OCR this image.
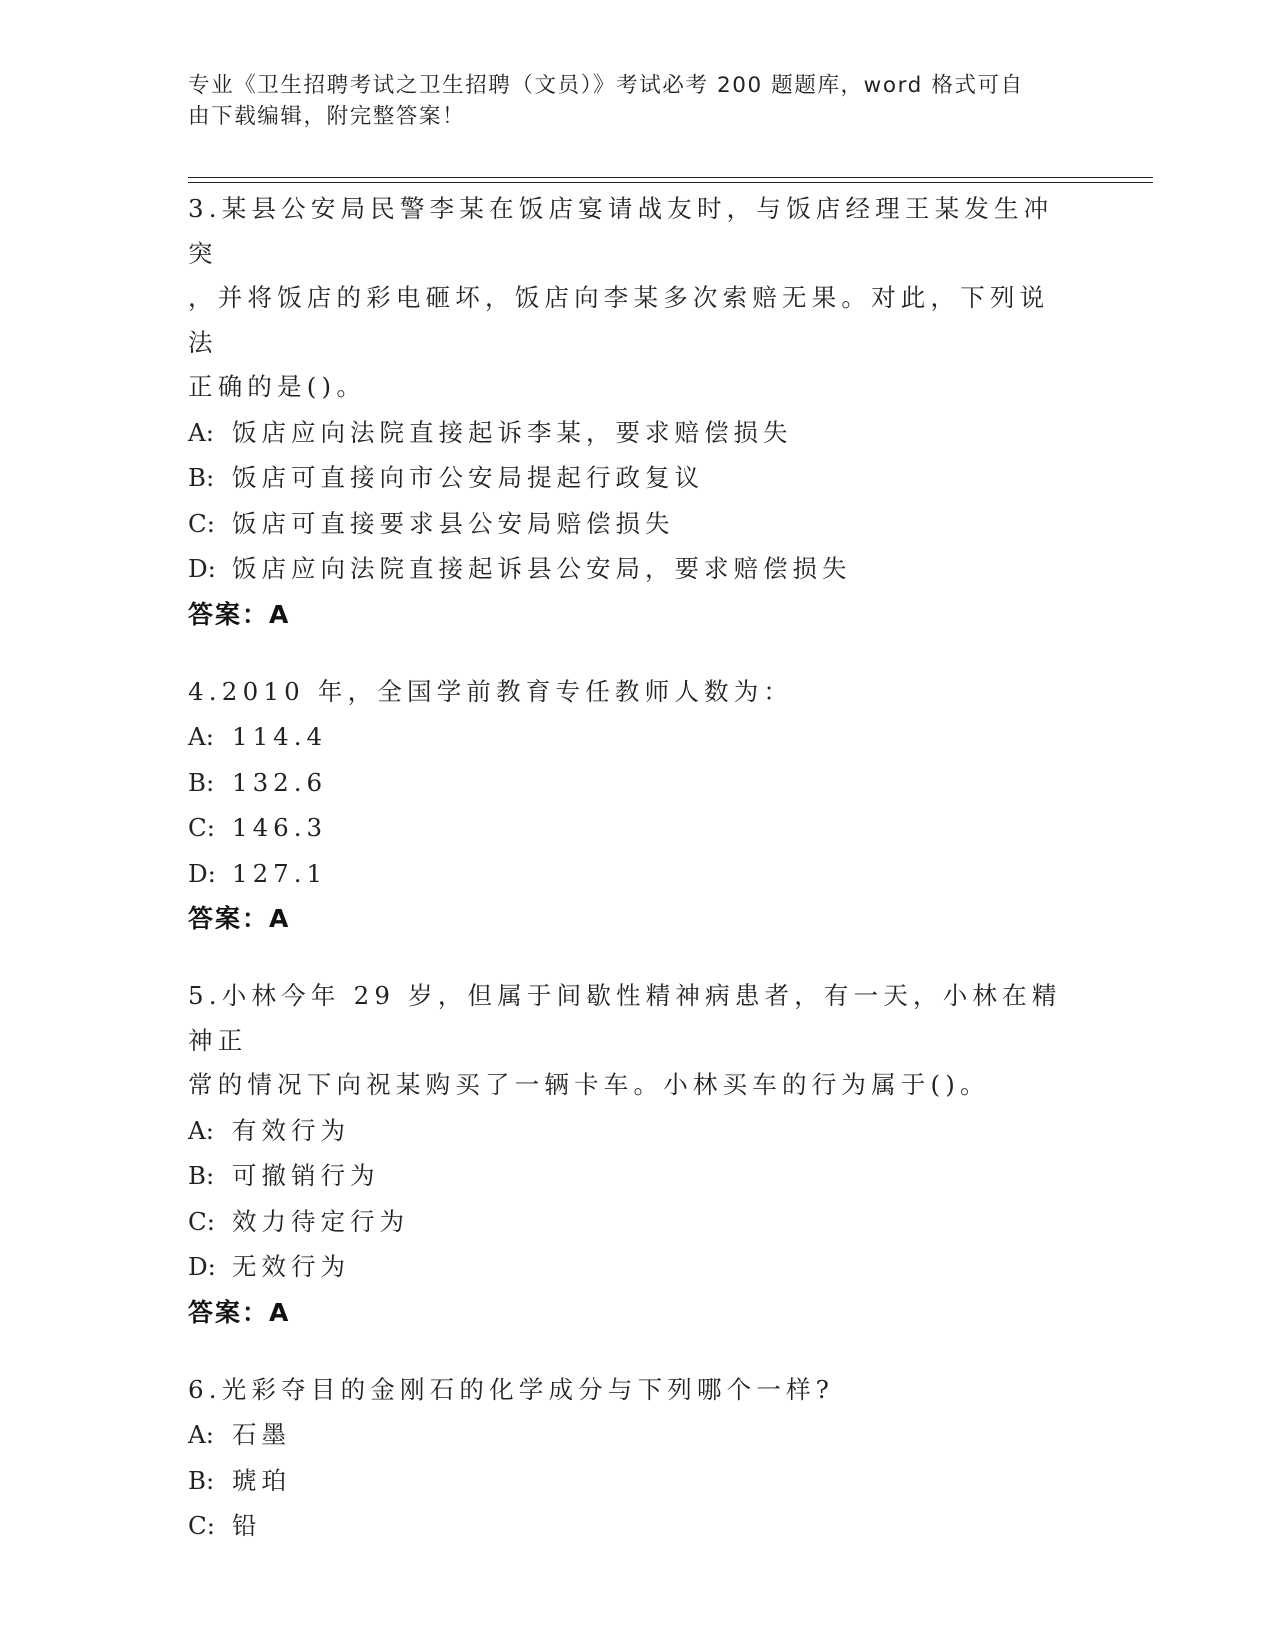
专业《卫生招聘考试之卫生招聘（文员）》考试必考 200 题题库，word 格式可自
由下载编辑，附完整答案！
3.某县公安局民警李某在饭店宴请战友时，与饭店经理王某发生冲突
，并将饭店的彩电砸坏，饭店向李某多次索赔无果。对此，下列说法
正确的是()。
A: 饭店应向法院直接起诉李某，要求赔偿损失
B: 饭店可直接向市公安局提起行政复议
C: 饭店可直接要求县公安局赔偿损失
D: 饭店应向法院直接起诉县公安局，要求赔偿损失
答案：A
4.2010 年，全国学前教育专任教师人数为：
A: 114.4
B: 132.6
C: 146.3
D: 127.1
答案：A
5.小林今年 29 岁，但属于间歇性精神病患者，有一天，小林在精神正
常的情况下向祝某购买了一辆卡车。小林买车的行为属于()。
A: 有效行为
B: 可撤销行为
C: 效力待定行为
D: 无效行为
答案：A
6.光彩夺目的金刚石的化学成分与下列哪个一样?
A: 石墨
B: 琥珀
C: 铅
